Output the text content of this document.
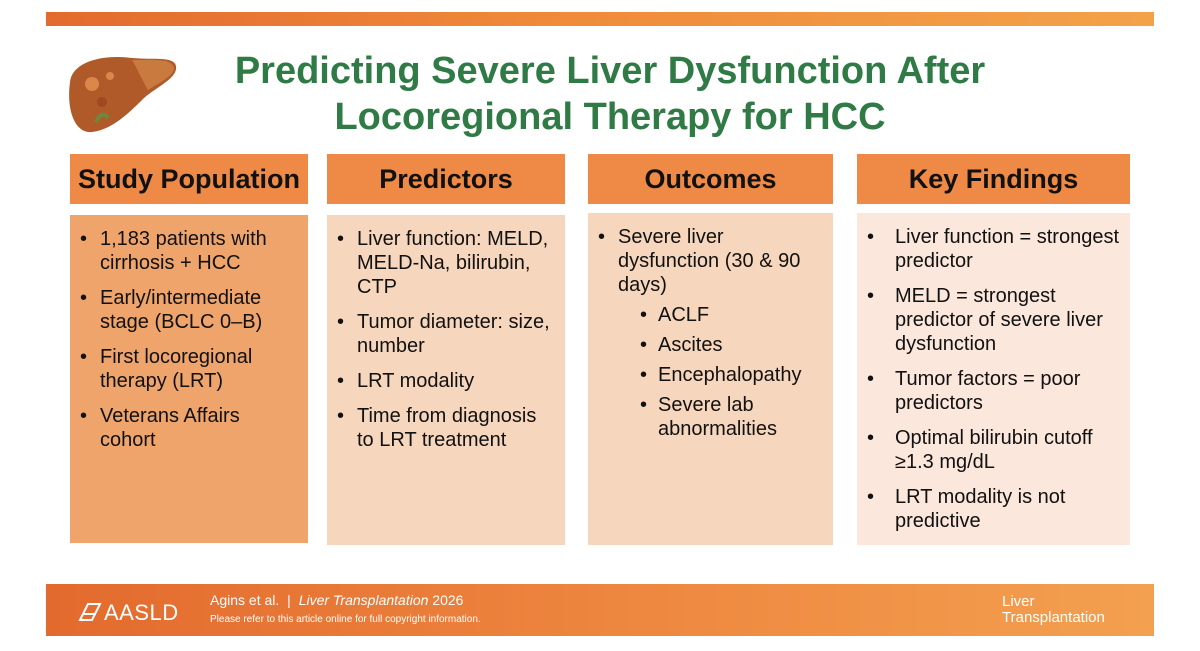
Predicting Severe Liver Dysfunction After
Locoregional Therapy for HCC
Study Population
• 1,183 patients with cirrhosis + HCC
• Early/intermediate stage (BCLC 0–B)
• First locoregional therapy (LRT)
• Veterans Affairs cohort
Predictors
• Liver function: MELD, MELD-Na, bilirubin, CTP
• Tumor diameter: size, number
• LRT modality
• Time from diagnosis to LRT treatment
Outcomes
• Severe liver dysfunction (30 & 90 days)
• ACLF
• Ascites
• Encephalopathy
• Severe lab abnormalities
Key Findings
• Liver function = strongest predictor
• MELD = strongest predictor of severe liver dysfunction
• Tumor factors = poor predictors
• Optimal bilirubin cutoff ≥1.3 mg/dL
• LRT modality is not predictive
AASLD Agins et al. | Liver Transplantation 2026
Please refer to this article online for full copyright information.
Liver
Transplantation
